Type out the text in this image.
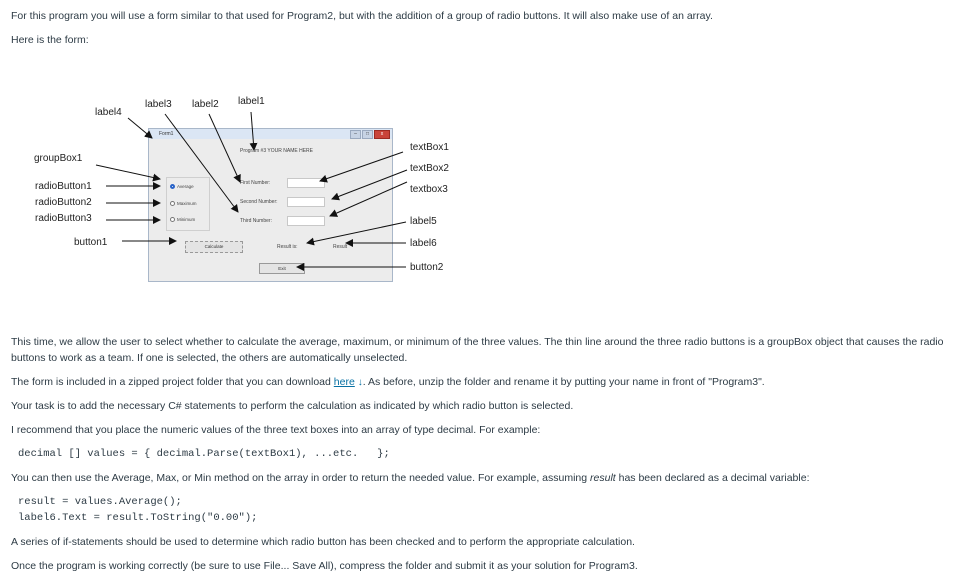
For this program you will use a form similar to that used for Program2, but with the addition of a group of radio buttons. It will also make use of an array.

Here is the form:

Form1	–	□	x
Program #3 YOUR NAME HERE
Average
Maximum
Minimum
First Number:
Second Number:
Third Number:
Calculate	Result is:	Result
Exit
label4
label3 label2 label1
groupBox1
radioButton1
radioButton2
radioButton3
button1
textBox1
textBox2
textbox3
label5
label6
button2

This time, we allow the user to select whether to calculate the average, maximum, or minimum of the three values. The thin line around the three radio buttons is a groupBox object that causes the radio buttons to work as a team. If one is selected, the others are automatically unselected.

The form is included in a zipped project folder that you can download here ↓. As before, unzip the folder and rename it by putting your name in front of "Program3".

Your task is to add the necessary C# statements to perform the calculation as indicated by which radio button is selected.

I recommend that you place the numeric values of the three text boxes into an array of type decimal. For example:

decimal [] values = { decimal.Parse(textBox1), ...etc.   };

You can then use the Average, Max, or Min method on the array in order to return the needed value. For example, assuming result has been declared as a decimal variable:

result = values.Average();
label6.Text = result.ToString("0.00");

A series of if-statements should be used to determine which radio button has been checked and to perform the appropriate calculation.

Once the program is working correctly (be sure to use File... Save All), compress the folder and submit it as your solution for Program3.
